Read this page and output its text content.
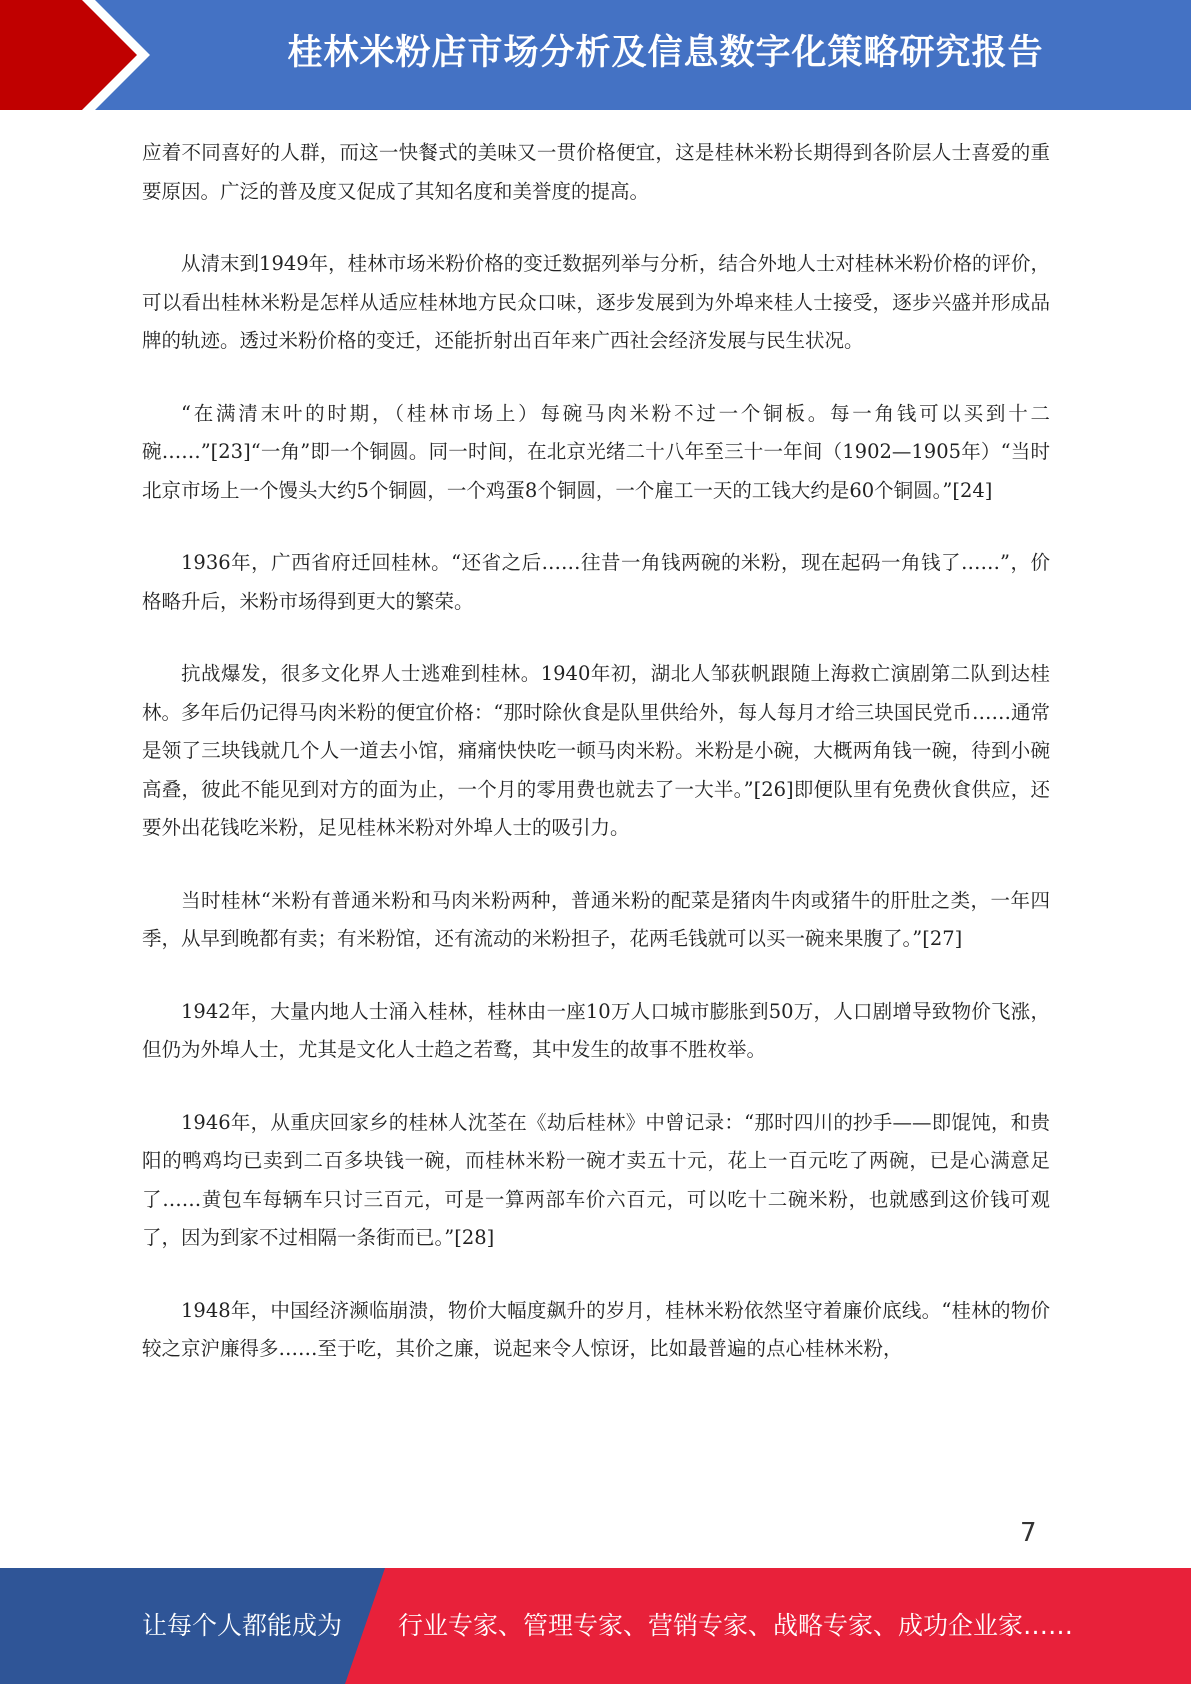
桂林米粉店市场分析及信息数字化策略研究报告

应着不同喜好的人群，而这一快餐式的美味又一贯价格便宜，这是桂林米粉长期得到各阶层人士喜爱的重要原因。广泛的普及度又促成了其知名度和美誉度的提高。

从清末到1949年，桂林市场米粉价格的变迁数据列举与分析，结合外地人士对桂林米粉价格的评价，可以看出桂林米粉是怎样从适应桂林地方民众口味，逐步发展到为外埠来桂人士接受，逐步兴盛并形成品牌的轨迹。透过米粉价格的变迁，还能折射出百年来广西社会经济发展与民生状况。

“在满清末叶的时期，（桂林市场上）每碗马肉米粉不过一个铜板。每一角钱可以买到十二碗……”[23]“一角”即一个铜圆。同一时间，在北京光绪二十八年至三十一年间（1902—1905年）“当时北京市场上一个馒头大约5个铜圆，一个鸡蛋8个铜圆，一个雇工一天的工钱大约是60个铜圆。”[24]

1936年，广西省府迁回桂林。“还省之后……往昔一角钱两碗的米粉，现在起码一角钱了……”，价格略升后，米粉市场得到更大的繁荣。

抗战爆发，很多文化界人士逃难到桂林。1940年初，湖北人邹荻帆跟随上海救亡演剧第二队到达桂林。多年后仍记得马肉米粉的便宜价格：“那时除伙食是队里供给外，每人每月才给三块国民党币……通常是领了三块钱就几个人一道去小馆，痛痛快快吃一顿马肉米粉。米粉是小碗，大概两角钱一碗，待到小碗高叠，彼此不能见到对方的面为止，一个月的零用费也就去了一大半。”[26]即便队里有免费伙食供应，还要外出花钱吃米粉，足见桂林米粉对外埠人士的吸引力。

当时桂林“米粉有普通米粉和马肉米粉两种，普通米粉的配菜是猪肉牛肉或猪牛的肝肚之类，一年四季，从早到晚都有卖；有米粉馆，还有流动的米粉担子，花两毛钱就可以买一碗来果腹了。”[27]

1942年，大量内地人士涌入桂林，桂林由一座10万人口城市膨胀到50万，人口剧增导致物价飞涨，但仍为外埠人士，尤其是文化人士趋之若鹜，其中发生的故事不胜枚举。

1946年，从重庆回家乡的桂林人沈荃在《劫后桂林》中曾记录：“那时四川的抄手——即馄饨，和贵阳的鸭鸡均已卖到二百多块钱一碗，而桂林米粉一碗才卖五十元，花上一百元吃了两碗，已是心满意足了……黄包车每辆车只讨三百元，可是一算两部车价六百元，可以吃十二碗米粉，也就感到这价钱可观了，因为到家不过相隔一条街而已。”[28]

1948年，中国经济濒临崩溃，物价大幅度飙升的岁月，桂林米粉依然坚守着廉价底线。“桂林的物价较之京沪廉得多……至于吃，其价之廉，说起来令人惊讶，比如最普遍的点心桂林米粉，

7
让每个人都能成为 行业专家、管理专家、营销专家、战略专家、成功企业家……
